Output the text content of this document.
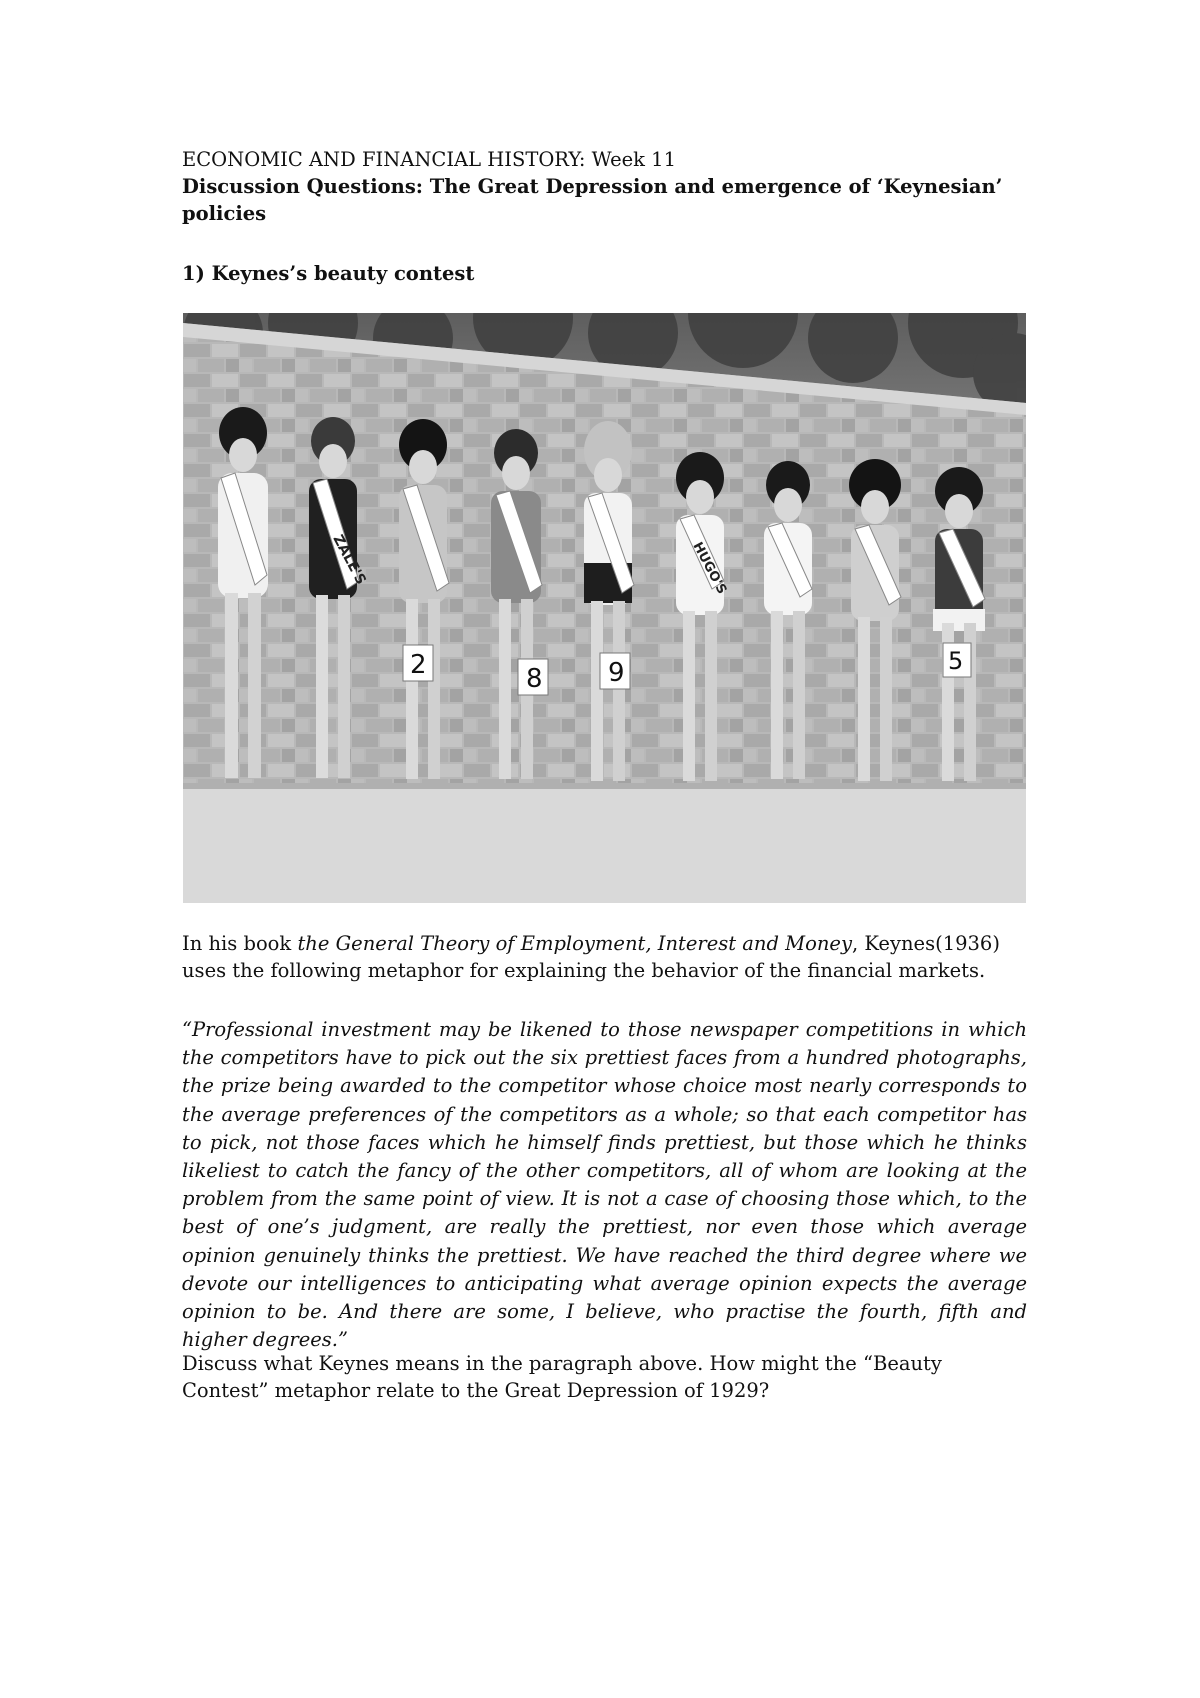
ECONOMIC AND FINANCIAL HISTORY: Week 11
Discussion Questions: The Great Depression and emergence of ‘Keynesian’
policies
1) Keynes’s beauty contest
ZALE'S	HUGO'S
2	8	9	5
In his book the General Theory of Employment, Interest and Money, Keynes(1936) uses the following metaphor for explaining the behavior of the financial markets.
“Professional investment may be likened to those newspaper competitions in which the competitors have to pick out the six prettiest faces from a hundred photographs, the prize being awarded to the competitor whose choice most nearly corresponds to the average preferences of the competitors as a whole; so that each competitor has to pick, not those faces which he himself finds prettiest, but those which he thinks likeliest to catch the fancy of the other competitors, all of whom are looking at the problem from the same point of view. It is not a case of choosing those which, to the best of one’s judgment, are really the prettiest, nor even those which average opinion genuinely thinks the prettiest. We have reached the third degree where we devote our intelligences to anticipating what average opinion expects the average opinion to be. And there are some, I believe, who practise the fourth, fifth and higher degrees.”
Discuss what Keynes means in the paragraph above. How might the “Beauty Contest” metaphor relate to the Great Depression of 1929?
